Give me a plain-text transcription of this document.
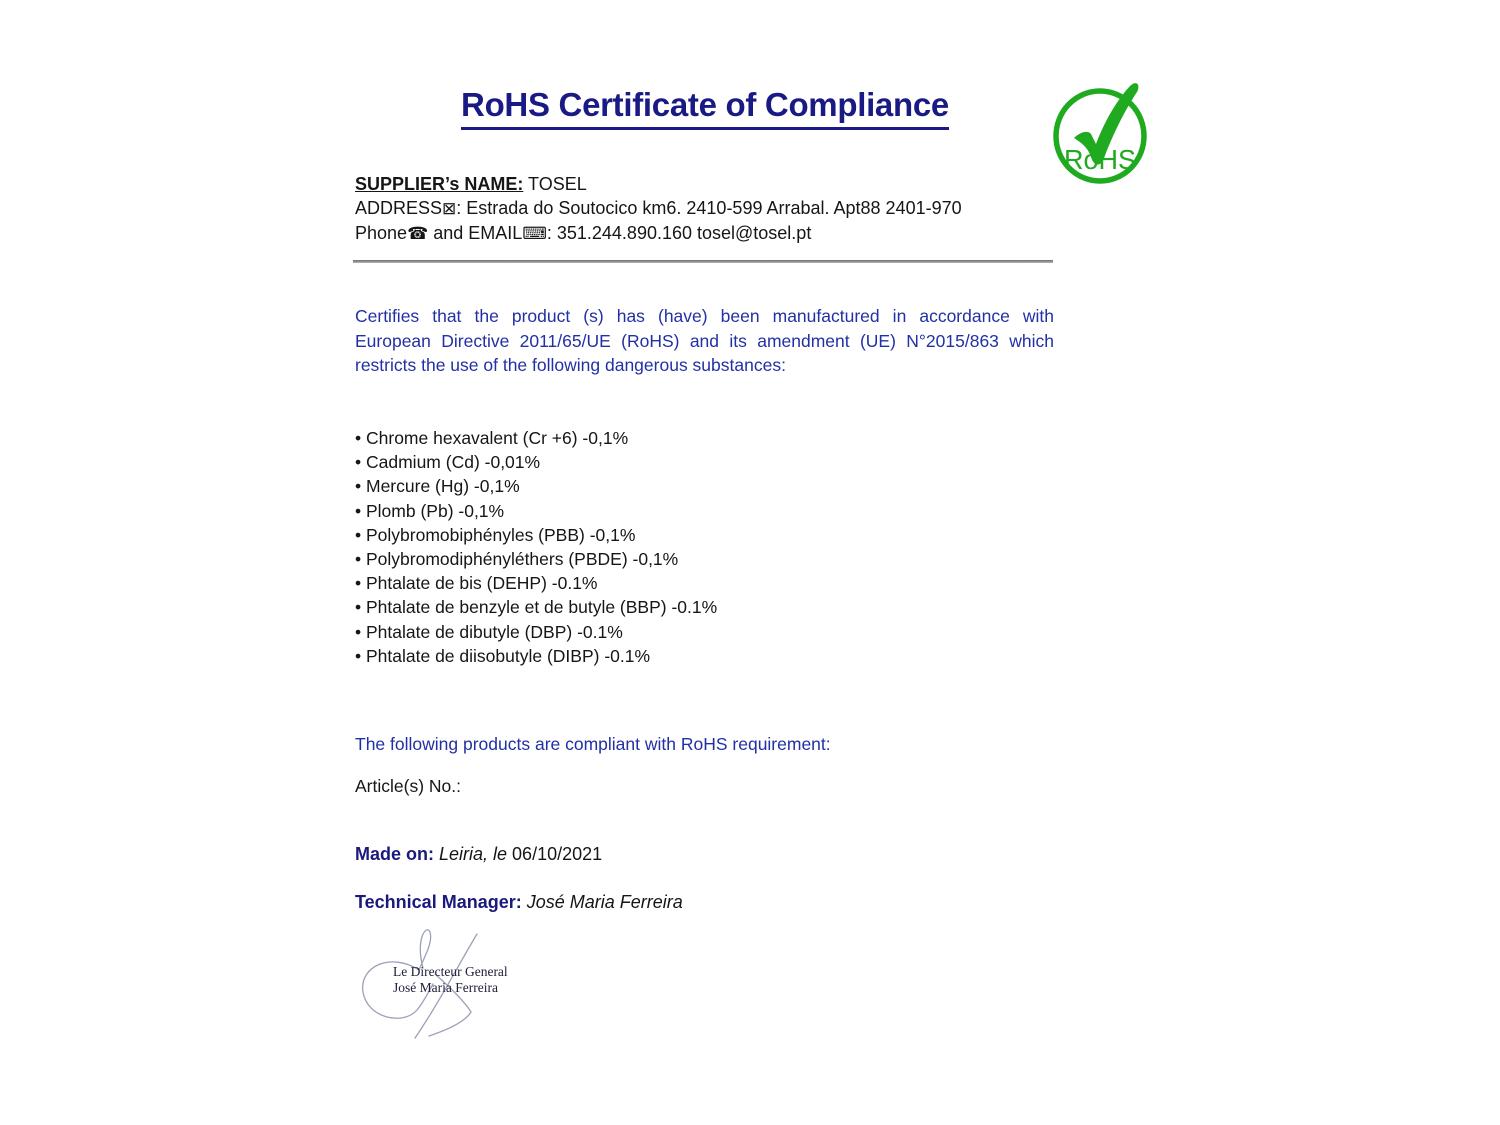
RoHS Certificate of Compliance
RoHS
SUPPLIER’s NAME: TOSEL
ADDRESS⊠: Estrada do Soutocico km6. 2410-599 Arrabal. Apt88 2401-970
Phone☎ and EMAIL⌨: 351.244.890.160 tosel@tosel.pt
Certifies that the product (s) has (have) been manufactured in accordance with
European Directive 2011/65/UE (RoHS) and its amendment (UE) N°2015/863 which
restricts the use of the following dangerous substances:
• Chrome hexavalent (Cr +6) -0,1%
• Cadmium (Cd) -0,01%
• Mercure (Hg) -0,1%
• Plomb (Pb) -0,1%
• Polybromobiphényles (PBB) -0,1%
• Polybromodiphényléthers (PBDE) -0,1%
• Phtalate de bis (DEHP) -0.1%
• Phtalate de benzyle et de butyle (BBP) -0.1%
• Phtalate de dibutyle (DBP) -0.1%
• Phtalate de diisobutyle (DIBP) -0.1%
The following products are compliant with RoHS requirement:
Article(s) No.:
Made on: Leiria, le 06/10/2021
Technical Manager: José Maria Ferreira
Le Directeur General
José Maria Ferreira
